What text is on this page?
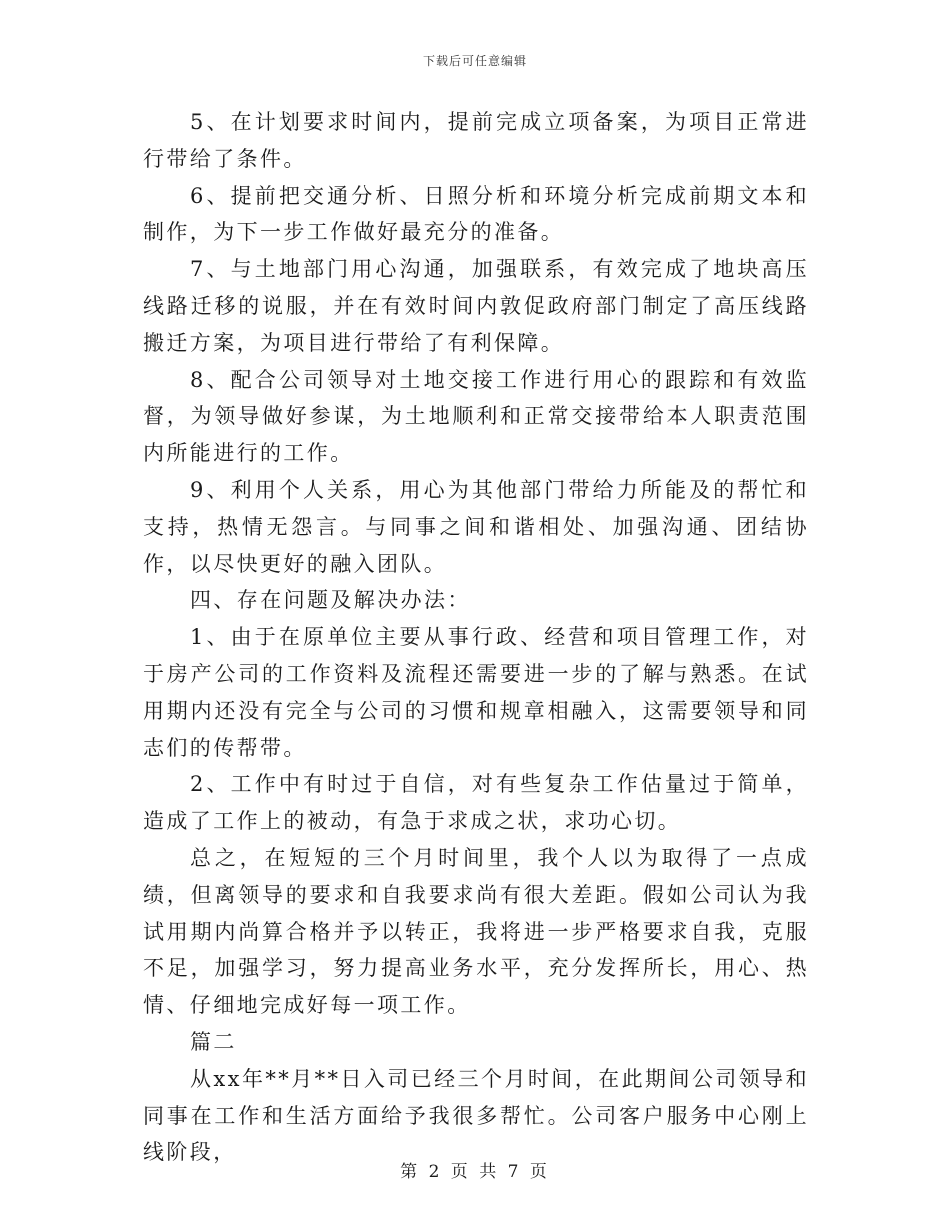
下载后可任意编辑

5、在计划要求时间内，提前完成立项备案，为项目正常进行带给了条件。

6、提前把交通分析、日照分析和环境分析完成前期文本和制作，为下一步工作做好最充分的准备。

7、与土地部门用心沟通，加强联系，有效完成了地块高压线路迁移的说服，并在有效时间内敦促政府部门制定了高压线路搬迁方案，为项目进行带给了有利保障。

8、配合公司领导对土地交接工作进行用心的跟踪和有效监督，为领导做好参谋，为土地顺利和正常交接带给本人职责范围内所能进行的工作。

9、利用个人关系，用心为其他部门带给力所能及的帮忙和支持，热情无怨言。与同事之间和谐相处、加强沟通、团结协作，以尽快更好的融入团队。

四、存在问题及解决办法：

1、由于在原单位主要从事行政、经营和项目管理工作，对于房产公司的工作资料及流程还需要进一步的了解与熟悉。在试用期内还没有完全与公司的习惯和规章相融入，这需要领导和同志们的传帮带。

2、工作中有时过于自信，对有些复杂工作估量过于简单，造成了工作上的被动，有急于求成之状，求功心切。

总之，在短短的三个月时间里，我个人以为取得了一点成绩，但离领导的要求和自我要求尚有很大差距。假如公司认为我试用期内尚算合格并予以转正，我将进一步严格要求自我，克服不足，加强学习，努力提高业务水平，充分发挥所长，用心、热情、仔细地完成好每一项工作。

篇二

从xx年**月**日入司已经三个月时间，在此期间公司领导和同事在工作和生活方面给予我很多帮忙。公司客户服务中心刚上线阶段，

第 2 页 共 7 页
